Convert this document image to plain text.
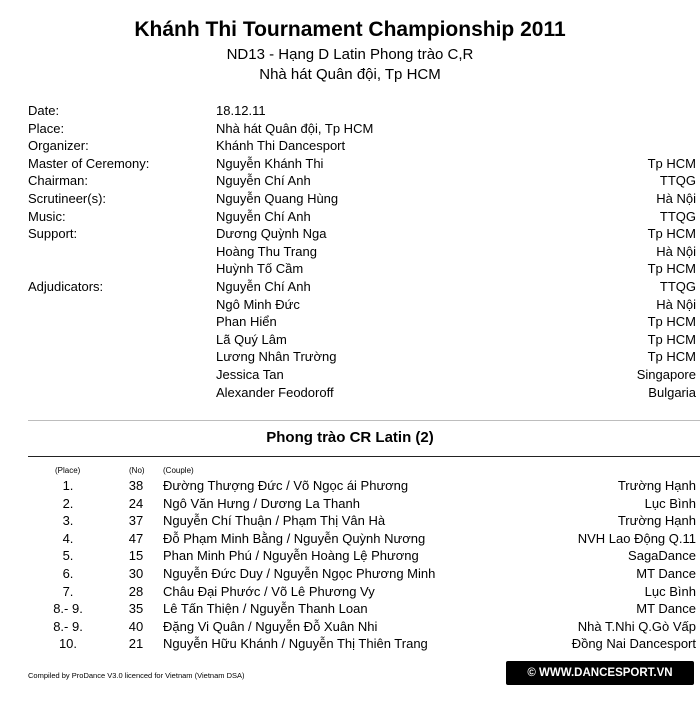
Khánh Thi Tournament Championship 2011
ND13 - Hạng D Latin Phong trào C,R
Nhà hát Quân đội, Tp HCM
Date:	18.12.11
Place:	Nhà hát Quân đội, Tp HCM
Organizer:	Khánh Thi Dancesport
Master of Ceremony:	Nguyễn Khánh Thi	Tp HCM
Chairman:	Nguyễn Chí Anh	TTQG
Scrutineer(s):	Nguyễn Quang Hùng	Hà Nội
Music:	Nguyễn Chí Anh	TTQG
Support:	Dương Quỳnh Nga	Tp HCM
Hoàng Thu Trang	Hà Nội
Huỳnh Tố Cầm	Tp HCM
Adjudicators:	Nguyễn Chí Anh	TTQG
Ngô Minh Đức	Hà Nội
Phan Hiển	Tp HCM
Lã Quý Lâm	Tp HCM
Lương Nhân Trường	Tp HCM
Jessica Tan	Singapore
Alexander Feodoroff	Bulgaria
Phong trào CR Latin (2)
(Place)	(No) (Couple)
1.	38	Đường Thượng Đức / Võ Ngọc ái Phương	Trường Hạnh
2.	24	Ngô Văn Hưng / Dương La Thanh	Lục Bình
3.	37	Nguyễn Chí Thuận / Phạm Thị Vân Hà	Trường Hạnh
4.	47	Đỗ Phạm Minh Bằng / Nguyễn Quỳnh Nương	NVH Lao Động Q.11
5.	15	Phan Minh Phú / Nguyễn Hoàng Lệ Phương	SagaDance
6.	30	Nguyễn Đức Duy / Nguyễn Ngọc Phương Minh	MT Dance
7.	28	Châu Đại Phước / Võ Lê Phương Vy	Lục Bình
8.- 9.	35	Lê Tấn Thiện / Nguyễn Thanh Loan	MT Dance
8.- 9.	40	Đặng Vi Quân / Nguyễn Đỗ Xuân Nhi	Nhà T.Nhi Q.Gò Vấp
10.	21	Nguyễn Hữu Khánh / Nguyễn Thị Thiên Trang	Đồng Nai Dancesport
Compiled by ProDance V3.0 licenced for Vietnam (Vietnam DSA)	© WWW.DANCESPORT.VN
